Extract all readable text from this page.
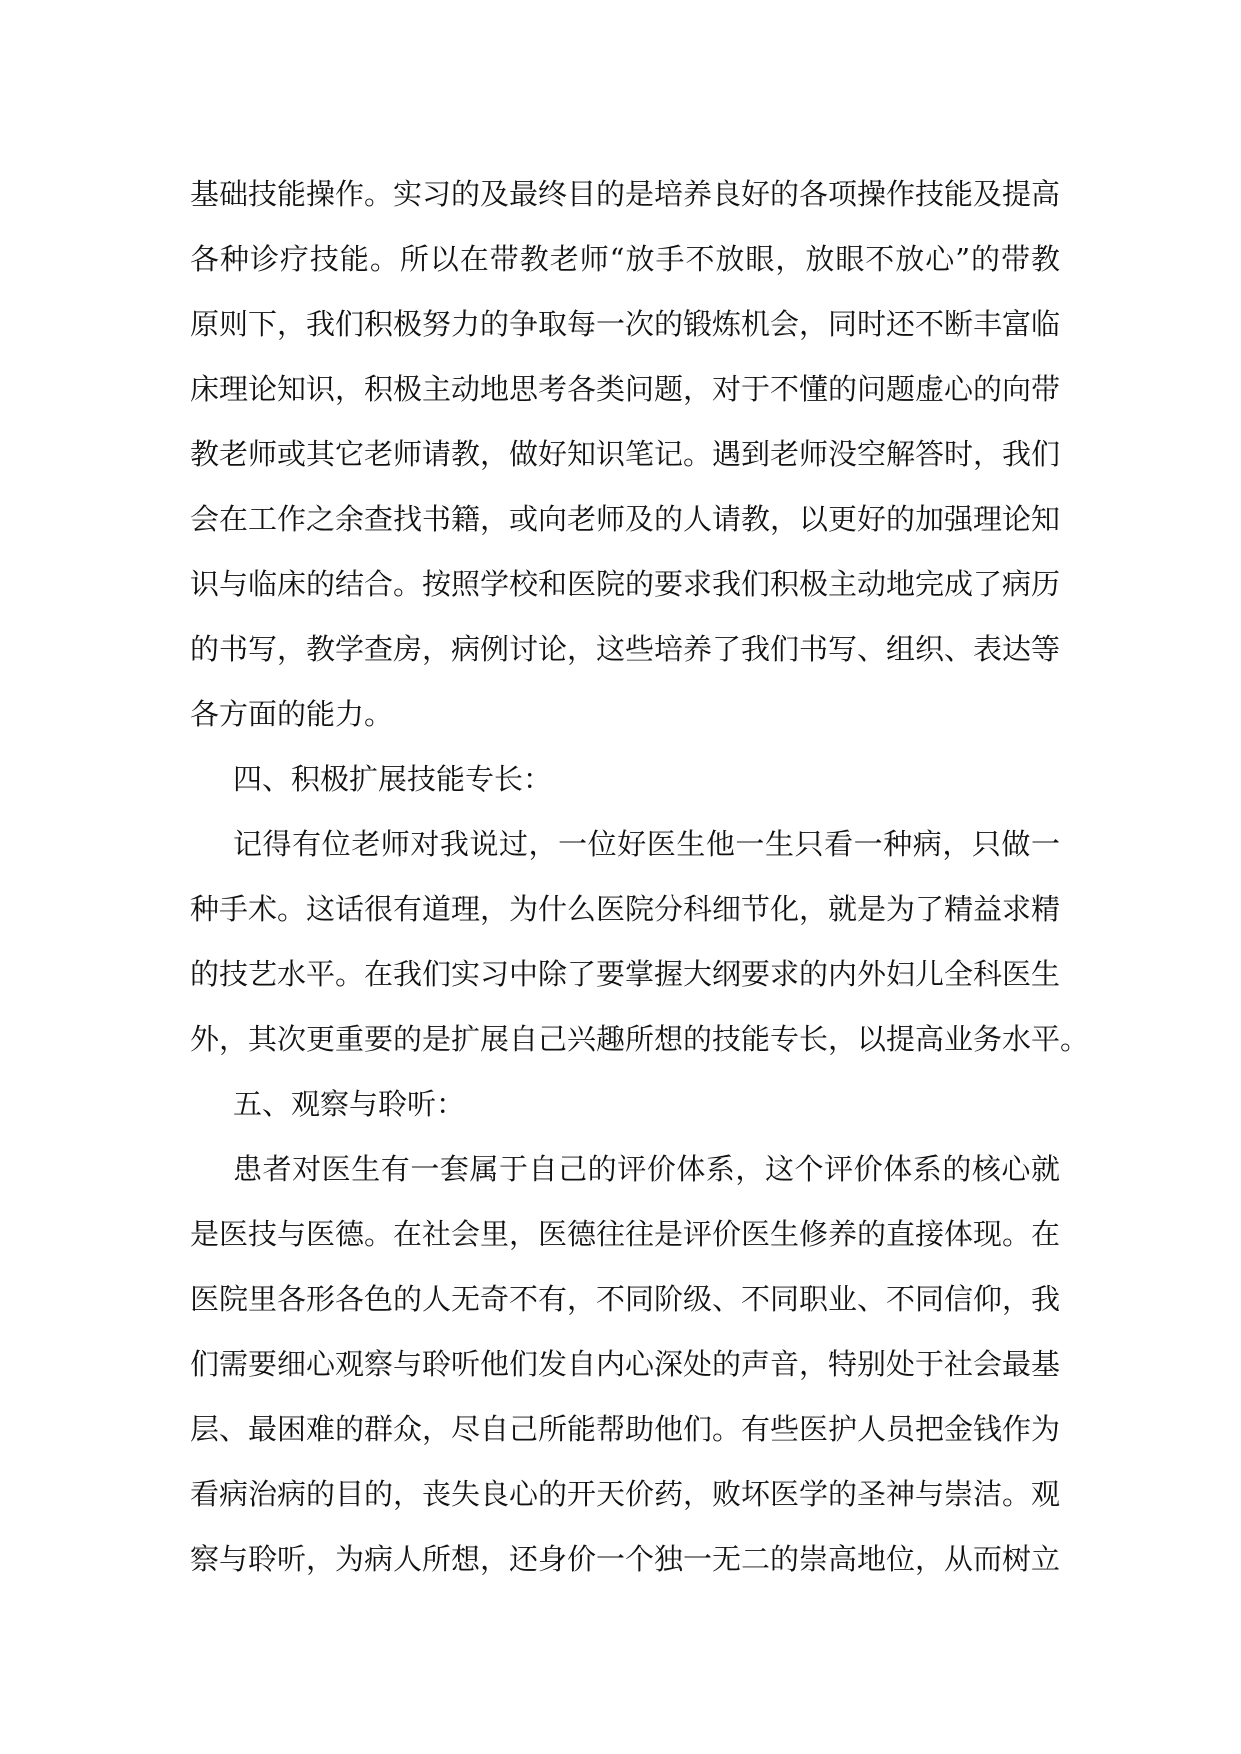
基础技能操作。实习的及最终目的是培养良好的各项操作技能及提高
各种诊疗技能。所以在带教老师“放手不放眼，放眼不放心”的带教
原则下，我们积极努力的争取每一次的锻炼机会，同时还不断丰富临
床理论知识，积极主动地思考各类问题，对于不懂的问题虚心的向带
教老师或其它老师请教，做好知识笔记。遇到老师没空解答时，我们
会在工作之余查找书籍，或向老师及的人请教，以更好的加强理论知
识与临床的结合。按照学校和医院的要求我们积极主动地完成了病历
的书写，教学查房，病例讨论，这些培养了我们书写、组织、表达等
各方面的能力。
四、积极扩展技能专长：
记得有位老师对我说过，一位好医生他一生只看一种病，只做一
种手术。这话很有道理，为什么医院分科细节化，就是为了精益求精
的技艺水平。在我们实习中除了要掌握大纲要求的内外妇儿全科医生
外，其次更重要的是扩展自己兴趣所想的技能专长，以提高业务水平。
五、观察与聆听：
患者对医生有一套属于自己的评价体系，这个评价体系的核心就
是医技与医德。在社会里，医德往往是评价医生修养的直接体现。在
医院里各形各色的人无奇不有，不同阶级、不同职业、不同信仰，我
们需要细心观察与聆听他们发自内心深处的声音，特别处于社会最基
层、最困难的群众，尽自己所能帮助他们。有些医护人员把金钱作为
看病治病的目的，丧失良心的开天价药，败坏医学的圣神与崇洁。观
察与聆听，为病人所想，还身价一个独一无二的崇高地位，从而树立
